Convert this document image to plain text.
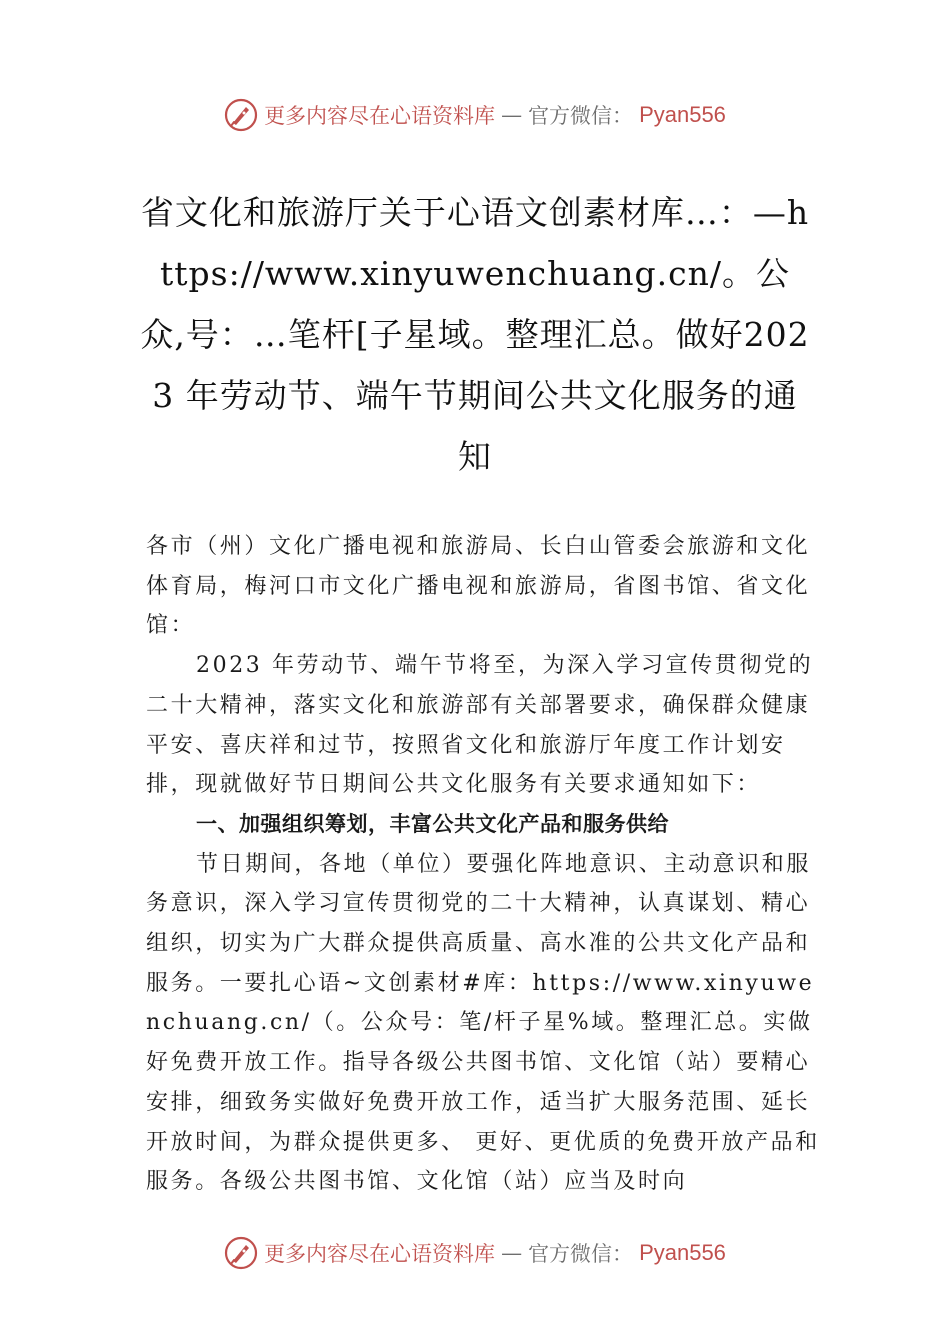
更多内容尽在心语资料库 — 官方微信： Pyan556
省文化和旅游厅关于心语文创素材库…：—https://www.xinyuwenchuang.cn/。公众,号：…笔杆[子星域。整理汇总。做好2023 年劳动节、端午节期间公共文化服务的通知

各市（州）文化广播电视和旅游局、长白山管委会旅游和文化体育局，梅河口市文化广播电视和旅游局，省图书馆、省文化馆：

2023 年劳动节、端午节将至，为深入学习宣传贯彻党的二十大精神，落实文化和旅游部有关部署要求，确保群众健康平安、喜庆祥和过节，按照省文化和旅游厅年度工作计划安排，现就做好节日期间公共文化服务有关要求通知如下：

一、加强组织筹划，丰富公共文化产品和服务供给

节日期间，各地（单位）要强化阵地意识、主动意识和服务意识，深入学习宣传贯彻党的二十大精神，认真谋划、精心组织，切实为广大群众提供高质量、高水准的公共文化产品和服务。一要扎心语~文创素材#库：https://www.xinyuwenchuang.cn/（。公众号：笔/杆子星%域。整理汇总。实做好免费开放工作。指导各级公共图书馆、文化馆（站）要精心安排，细致务实做好免费开放工作，适当扩大服务范围、延长开放时间，为群众提供更多、 更好、更优质的免费开放产品和服务。各级公共图书馆、文化馆（站）应当及时向

更多内容尽在心语资料库 — 官方微信： Pyan556
